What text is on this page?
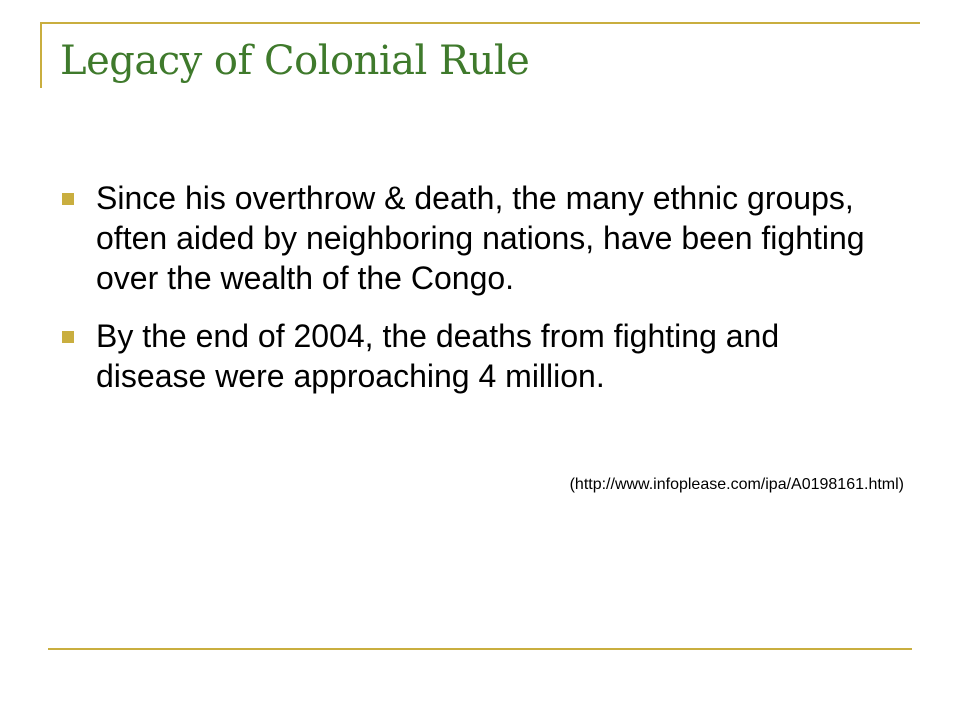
Legacy of Colonial Rule
Since his overthrow & death, the many ethnic groups, often aided by neighboring nations, have been fighting over the wealth of the Congo.
By the end of 2004, the deaths from fighting and disease were approaching 4 million.
(http://www.infoplease.com/ipa/A0198161.html)
